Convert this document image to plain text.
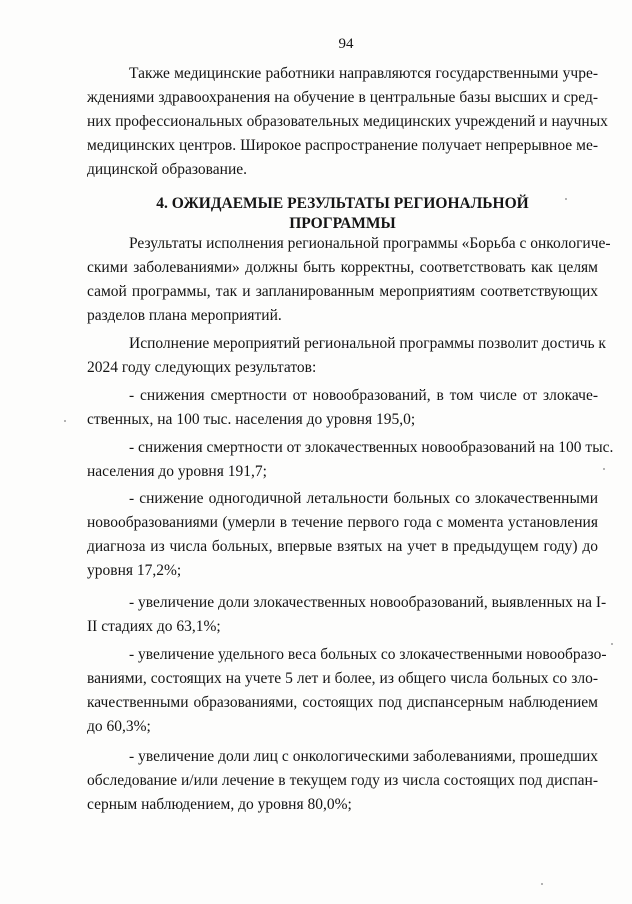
94
Также медицинские работники направляются государственными учре-
ждениями здравоохранения на обучение в центральные базы высших и сред-
них профессиональных образовательных медицинских учреждений и научных
медицинских центров. Широкое распространение получает непрерывное ме-
дицинской образование.
4. ОЖИДАЕМЫЕ РЕЗУЛЬТАТЫ РЕГИОНАЛЬНОЙ
ПРОГРАММЫ
Результаты исполнения региональной программы «Борьба с онкологиче-
скими заболеваниями» должны быть корректны, соответствовать как целям
самой программы, так и запланированным мероприятиям соответствующих
разделов плана мероприятий.
Исполнение мероприятий региональной программы позволит достичь к
2024 году следующих результатов:
- снижения смертности от новообразований, в том числе от злокаче-
ственных, на 100 тыс. населения до уровня 195,0;
- снижения смертности от злокачественных новообразований на 100 тыс.
населения до уровня 191,7;
- снижение одногодичной летальности больных со злокачественными
новообразованиями (умерли в течение первого года с момента установления
диагноза из числа больных, впервые взятых на учет в предыдущем году) до
уровня 17,2%;
- увеличение доли злокачественных новообразований, выявленных на I-
II стадиях до 63,1%;
- увеличение удельного веса больных со злокачественными новообразо-
ваниями, состоящих на учете 5 лет и более, из общего числа больных со зло-
качественными образованиями, состоящих под диспансерным наблюдением
до 60,3%;
- увеличение доли лиц с онкологическими заболеваниями, прошедших
обследование и/или лечение в текущем году из числа состоящих под диспан-
серным наблюдением, до уровня 80,0%;
